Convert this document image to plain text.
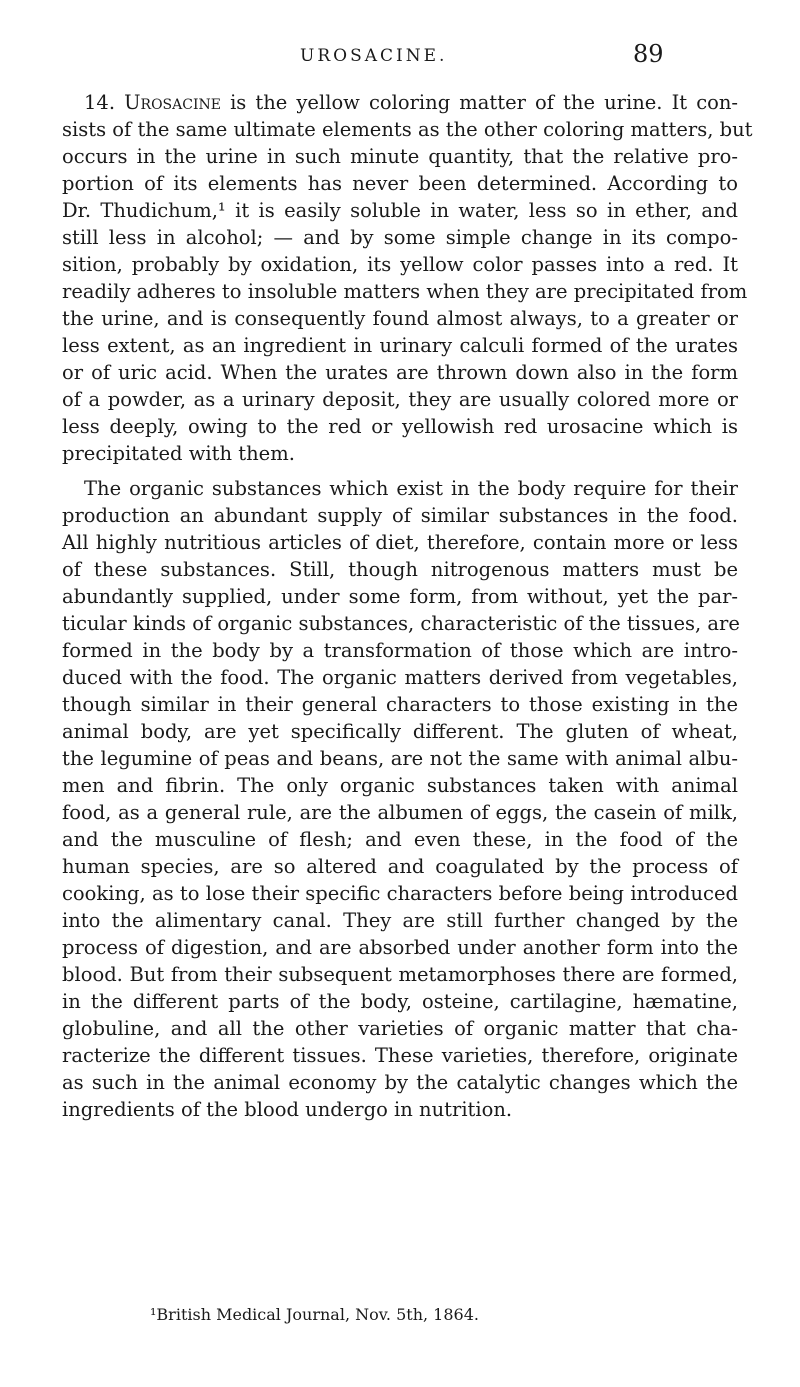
UROSACINE.	89
14. Urosacine is the yellow coloring matter of the urine. It con-
sists of the same ultimate elements as the other coloring matters, but
occurs in the urine in such minute quantity, that the relative pro-
portion of its elements has never been determined. According to
Dr. Thudichum,¹ it is easily soluble in water, less so in ether, and
still less in alcohol; — and by some simple change in its compo-
sition, probably by oxidation, its yellow color passes into a red. It
readily adheres to insoluble matters when they are precipitated from
the urine, and is consequently found almost always, to a greater or
less extent, as an ingredient in urinary calculi formed of the urates
or of uric acid. When the urates are thrown down also in the form
of a powder, as a urinary deposit, they are usually colored more or
less deeply, owing to the red or yellowish red urosacine which is
precipitated with them.
The organic substances which exist in the body require for their
production an abundant supply of similar substances in the food.
All highly nutritious articles of diet, therefore, contain more or less
of these substances. Still, though nitrogenous matters must be
abundantly supplied, under some form, from without, yet the par-
ticular kinds of organic substances, characteristic of the tissues, are
formed in the body by a transformation of those which are intro-
duced with the food. The organic matters derived from vegetables,
though similar in their general characters to those existing in the
animal body, are yet specifically different. The gluten of wheat,
the legumine of peas and beans, are not the same with animal albu-
men and fibrin. The only organic substances taken with animal
food, as a general rule, are the albumen of eggs, the casein of milk,
and the musculine of flesh; and even these, in the food of the
human species, are so altered and coagulated by the process of
cooking, as to lose their specific characters before being introduced
into the alimentary canal. They are still further changed by the
process of digestion, and are absorbed under another form into the
blood. But from their subsequent metamorphoses there are formed,
in the different parts of the body, osteine, cartilagine, hæmatine,
globuline, and all the other varieties of organic matter that cha-
racterize the different tissues. These varieties, therefore, originate
as such in the animal economy by the catalytic changes which the
ingredients of the blood undergo in nutrition.
¹British Medical Journal, Nov. 5th, 1864.
